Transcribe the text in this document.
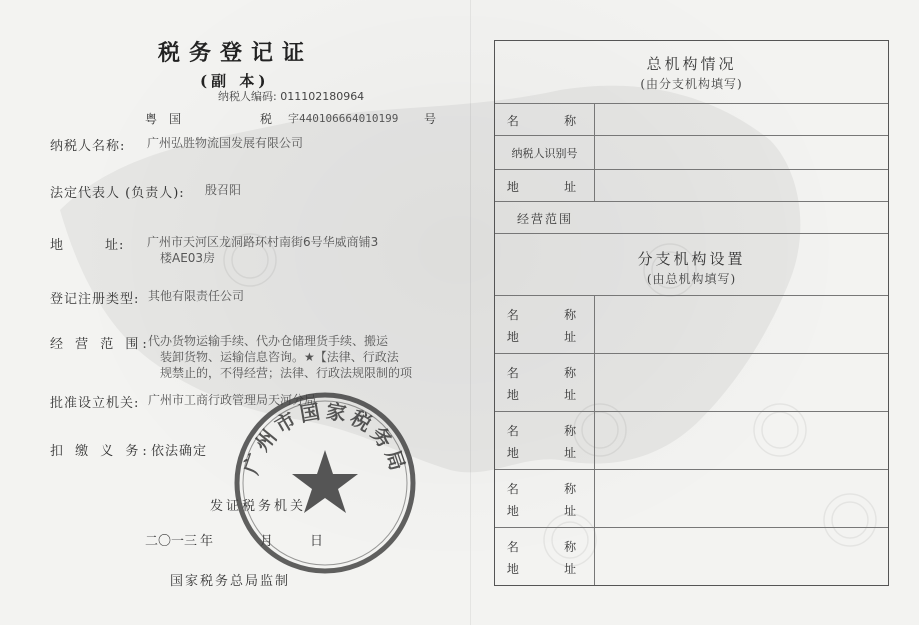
税务登记证
(副 本)
纳税人编码: 011102180964
粤国	税 字440106664010199 号
纳税人名称: 广州弘胜物流国发展有限公司
法定代表人 (负责人): 殷召阳
地        址: 广州市天河区龙洞路环村南街6号华威商铺3
楼AE03房
登记注册类型: 其他有限责任公司
经 营 范 围:
代办货物运输手续、代办仓储理货手续、搬运
装卸货物、运输信息咨询。★【法律、行政法
规禁止的，不得经营；法律、行政法规限制的项
批准设立机关: 广州市工商行政管理局天河分局
扣 缴 义 务: 依法确定 广州市国家税务局
发证税务机关
二〇一三 年	月	日
国家税务总局监制
总机构情况
(由分支机构填写)
名    称
纳税人识别号
地    址
经营范围
分支机构设置
(由总机构填写)
名    称
地    址
名    称
地    址
名    称
地    址
名    称
地    址
名    称
地    址
